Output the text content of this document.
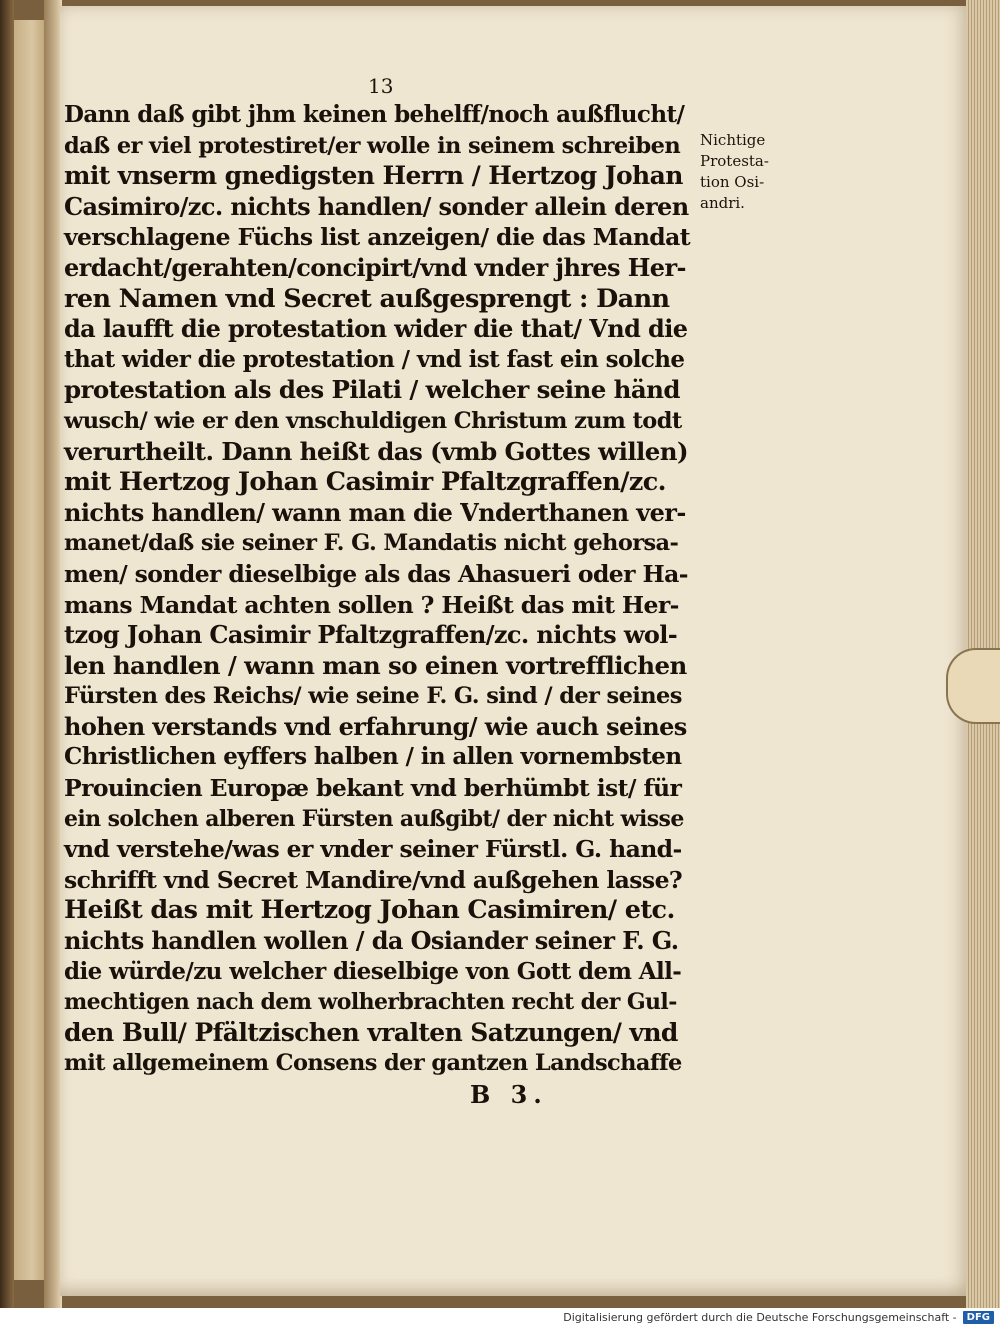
13
Dann daß gibt jhm keinen behelff/noch außflucht/
daß er viel protestiret/er wolle in seinem schreiben
mit vnserm gnedigsten Herrn / Hertzog Johan
Casimiro/zc. nichts handlen/ sonder allein deren
verschlagene Füchs list anzeigen/ die das Mandat
erdacht/gerahten/concipirt/vnd vnder jhres Her-
ren Namen vnd Secret außgesprengt : Dann
da laufft die protestation wider die that/ Vnd die
that wider die protestation / vnd ist fast ein solche
protestation als des Pilati / welcher seine händ
wusch/ wie er den vnschuldigen Christum zum todt
verurtheilt. Dann heißt das (vmb Gottes willen)
mit Hertzog Johan Casimir Pfaltzgraffen/zc.
nichts handlen/ wann man die Vnderthanen ver-
manet/daß sie seiner F. G. Mandatis nicht gehorsa-
men/ sonder dieselbige als das Ahasueri oder Ha-
mans Mandat achten sollen ? Heißt das mit Her-
tzog Johan Casimir Pfaltzgraffen/zc. nichts wol-
len handlen / wann man so einen vortrefflichen
Fürsten des Reichs/ wie seine F. G. sind / der seines
hohen verstands vnd erfahrung/ wie auch seines
Christlichen eyffers halben / in allen vornembsten
Prouincien Europæ bekant vnd berhümbt ist/ für
ein solchen alberen Fürsten außgibt/ der nicht wisse
vnd verstehe/was er vnder seiner Fürstl. G. hand-
schrifft vnd Secret Mandire/vnd außgehen lasse?
Heißt das mit Hertzog Johan Casimiren/ etc.
nichts handlen wollen / da Osiander seiner F. G.
die würde/zu welcher dieselbige von Gott dem All-
mechtigen nach dem wolherbrachten recht der Gul-
den Bull/ Pfältzischen vralten Satzungen/ vnd
mit allgemeinem Consens der gantzen Landschaffe
Nichtige
Protesta-
tion Osi-
andri.
B 3.
Digitalisierung gefördert durch die Deutsche Forschungsgemeinschaft -	DFG
